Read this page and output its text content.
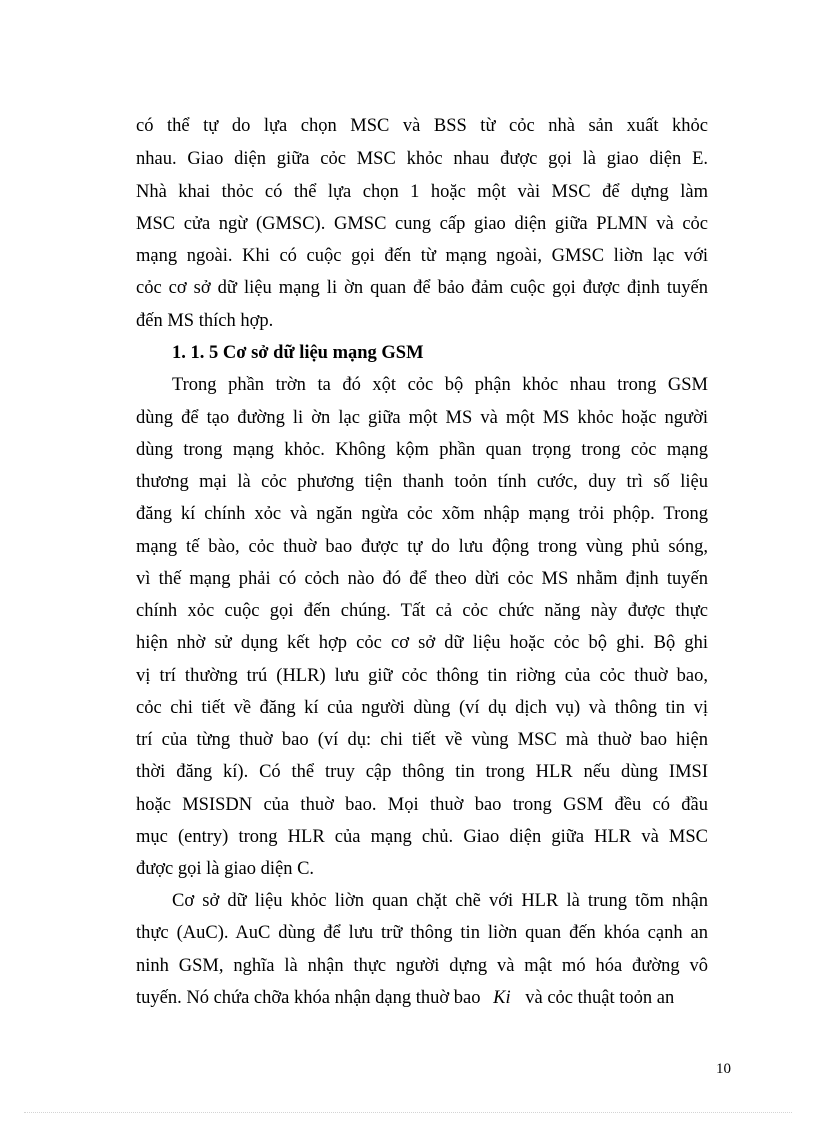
có thể tự do lựa chọn MSC và BSS từ cỏc nhà sản xuất khỏc
nhau. Giao diện giữa cỏc MSC khỏc nhau được gọi là giao diện E.
Nhà khai thỏc có thể lựa chọn 1 hoặc một vài MSC để dựng làm
MSC cửa ngừ (GMSC). GMSC cung cấp giao diện giữa PLMN và cỏc
mạng ngoài. Khi có cuộc gọi đến từ mạng ngoài, GMSC liờn lạc với
cỏc cơ sở dữ liệu mạng li ờn quan để bảo đảm cuộc gọi được định tuyến
đến MS thích hợp.
1. 1. 5 Cơ sở dữ liệu mạng GSM
Trong phần trờn ta đó xột cỏc bộ phận khỏc nhau trong GSM
dùng để tạo đường li ờn lạc giữa một MS và một MS khỏc hoặc người
dùng trong mạng khỏc. Không kộm phần quan trọng trong cỏc mạng
thương mại là cỏc phương tiện thanh toỏn tính cước, duy trì số liệu
đăng kí chính xỏc và ngăn ngừa cỏc xõm nhập mạng trỏi phộp. Trong
mạng tế bào, cỏc thuờ bao được tự do lưu động trong vùng phủ sóng,
vì thế mạng phải có cỏch nào đó để theo dừi cỏc MS nhằm định tuyến
chính xỏc cuộc gọi đến chúng. Tất cả cỏc chức năng này được thực
hiện nhờ sử dụng kết hợp cỏc cơ sở dữ liệu hoặc cỏc bộ ghi. Bộ ghi
vị trí thường trú (HLR) lưu giữ cỏc thông tin riờng của cỏc thuờ bao,
cỏc chi tiết về đăng kí của người dùng (ví dụ dịch vụ) và thông tin vị
trí của từng thuờ bao (ví dụ: chi tiết về vùng MSC mà thuờ bao hiện
thời đăng kí). Có thể truy cập thông tin trong HLR nếu dùng IMSI
hoặc MSISDN của thuờ bao. Mọi thuờ bao trong GSM đều có đầu
mục (entry) trong HLR của mạng chủ. Giao diện giữa HLR và MSC
được gọi là giao diện C.
Cơ sở dữ liệu khỏc liờn quan chặt chẽ với HLR là trung tõm nhận
thực (AuC). AuC dùng để lưu trữ thông tin liờn quan đến khóa cạnh an
ninh GSM, nghĩa là nhận thực người dựng và mật mó hóa đường vô
tuyến. Nó chứa chỡa khóa nhận dạng thuờ bao Ki và cỏc thuật toỏn an
10
